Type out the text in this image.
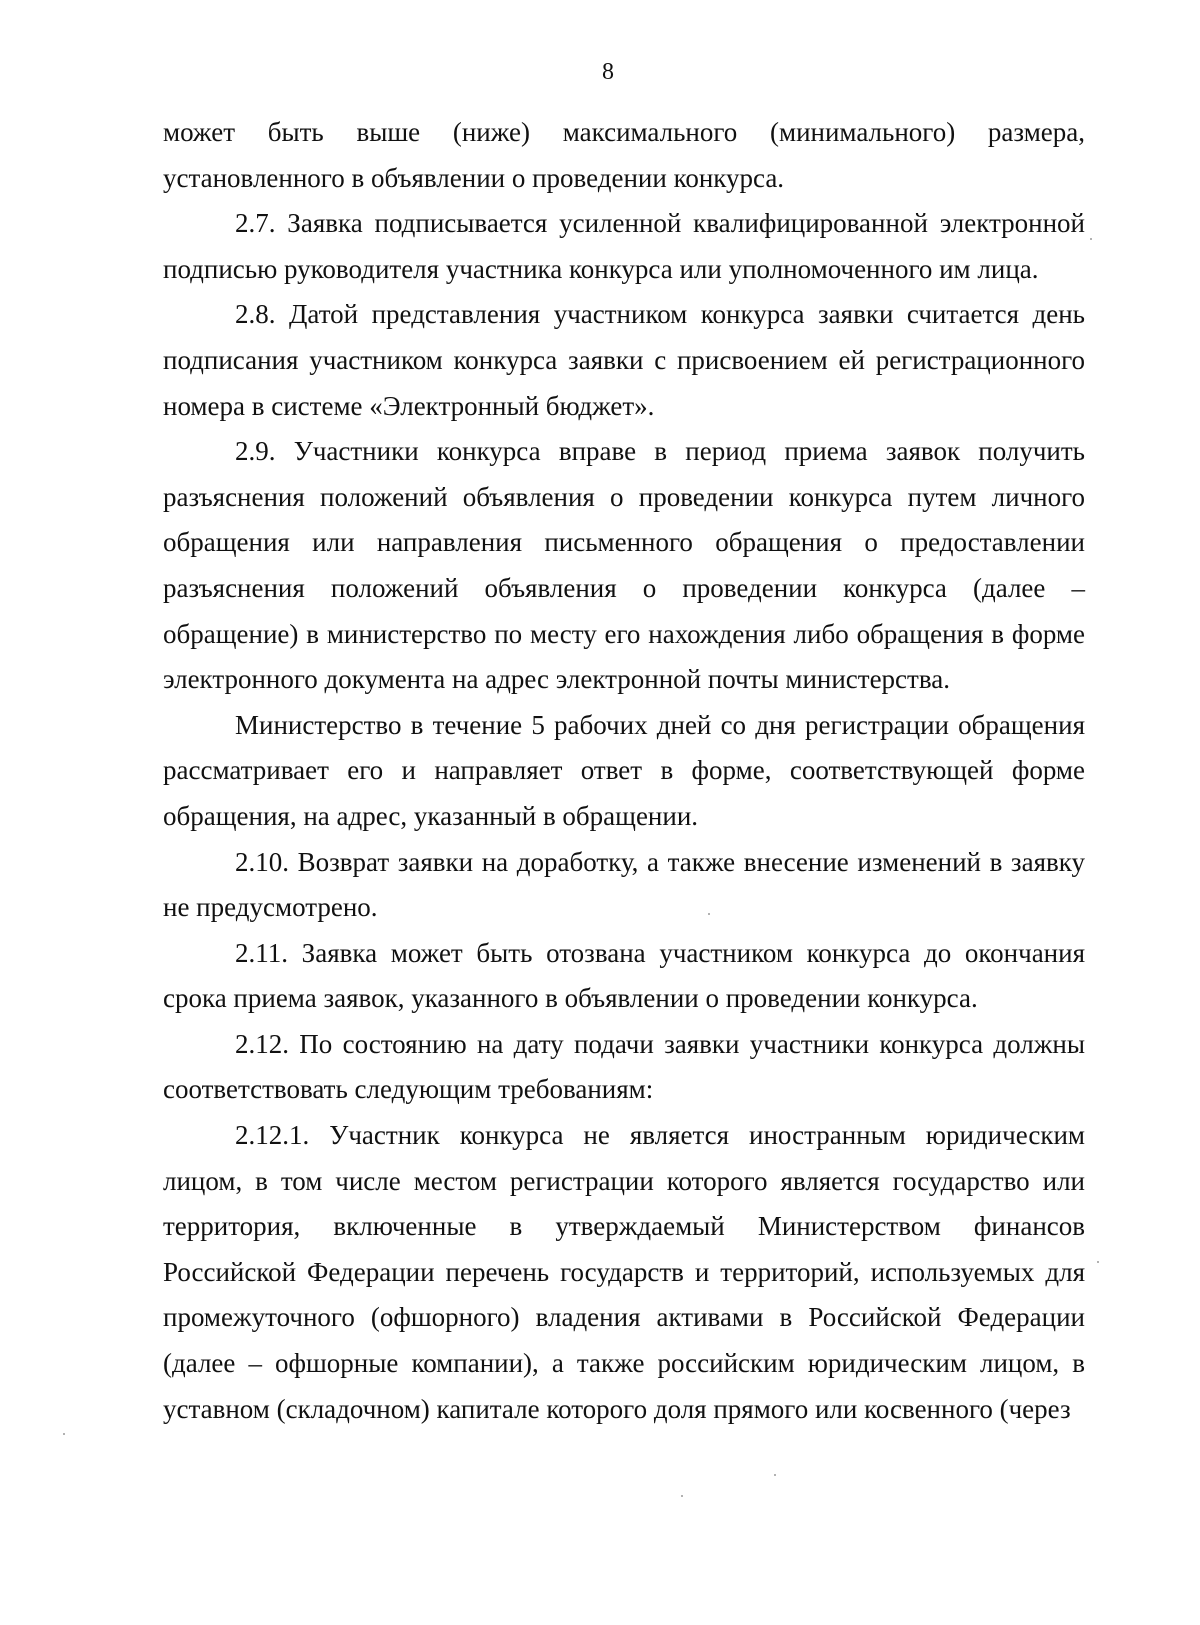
8

может быть выше (ниже) максимального (минимального) размера, установленного в объявлении о проведении конкурса.

2.7. Заявка подписывается усиленной квалифицированной электронной подписью руководителя участника конкурса или уполномоченного им лица.

2.8. Датой представления участником конкурса заявки считается день подписания участником конкурса заявки с присвоением ей регистрационного номера в системе «Электронный бюджет».

2.9. Участники конкурса вправе в период приема заявок получить разъяснения положений объявления о проведении конкурса путем личного обращения или направления письменного обращения о предоставлении разъяснения положений объявления о проведении конкурса (далее – обращение) в министерство по месту его нахождения либо обращения в форме электронного документа на адрес электронной почты министерства.

Министерство в течение 5 рабочих дней со дня регистрации обращения рассматривает его и направляет ответ в форме, соответствующей форме обращения, на адрес, указанный в обращении.

2.10. Возврат заявки на доработку, а также внесение изменений в заявку не предусмотрено.

2.11. Заявка может быть отозвана участником конкурса до окончания срока приема заявок, указанного в объявлении о проведении конкурса.

2.12. По состоянию на дату подачи заявки участники конкурса должны соответствовать следующим требованиям:

2.12.1. Участник конкурса не является иностранным юридическим лицом, в том числе местом регистрации которого является государство или территория, включенные в утверждаемый Министерством финансов Российской Федерации перечень государств и территорий, используемых для промежуточного (офшорного) владения активами в Российской Федерации (далее – офшорные компании), а также российским юридическим лицом, в уставном (складочном) капитале которого доля прямого или косвенного (через
